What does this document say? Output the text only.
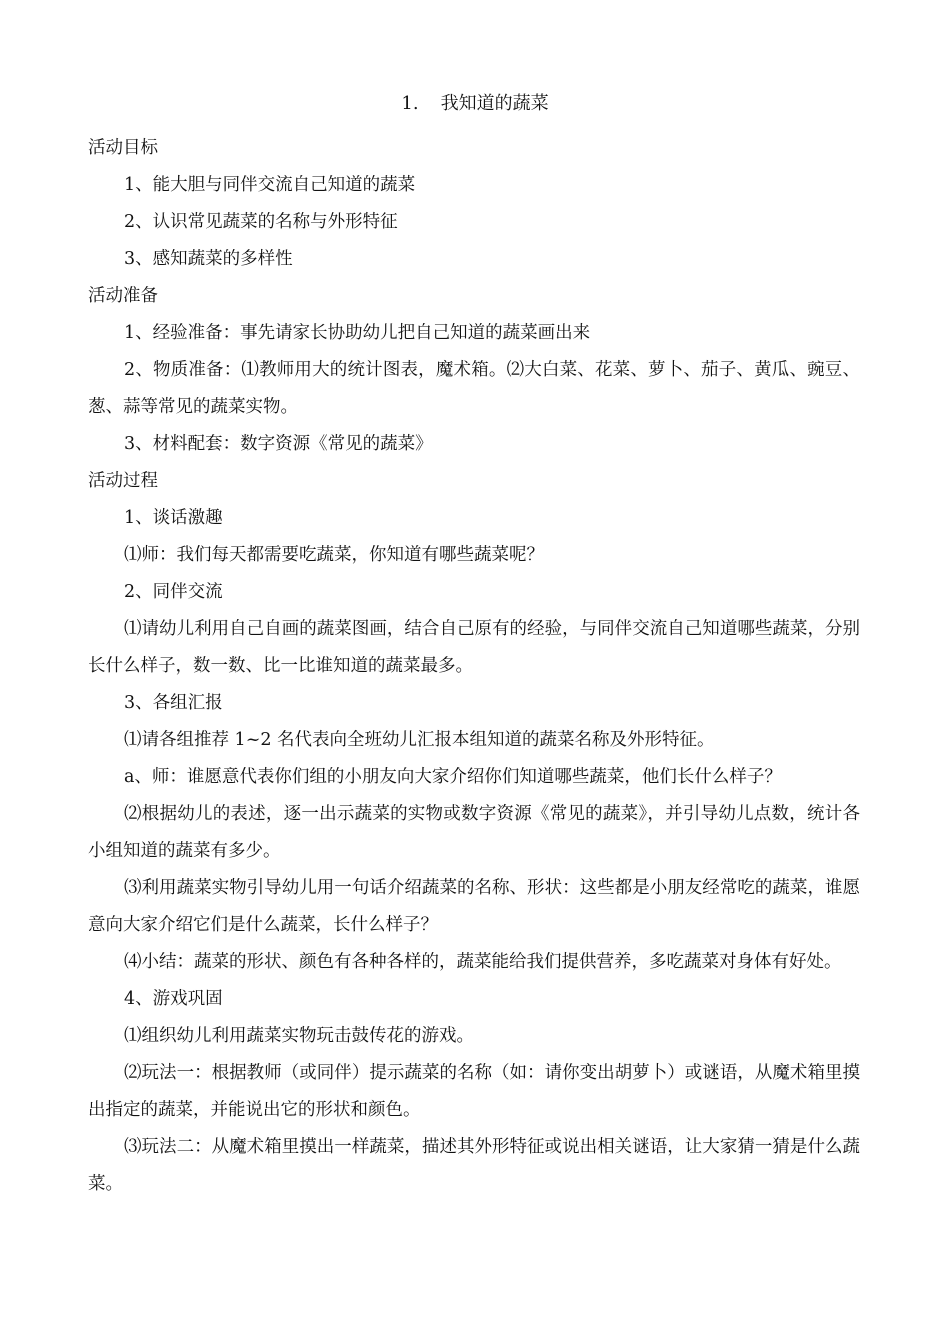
1. 我知道的蔬菜
活动目标
1、能大胆与同伴交流自己知道的蔬菜
2、认识常见蔬菜的名称与外形特征
3、感知蔬菜的多样性
活动准备
1、经验准备：事先请家长协助幼儿把自己知道的蔬菜画出来
2、物质准备：⑴教师用大的统计图表，魔术箱。⑵大白菜、花菜、萝卜、茄子、黄瓜、豌豆、葱、蒜等常见的蔬菜实物。
3、材料配套：数字资源《常见的蔬菜》
活动过程
1、谈话激趣
⑴师：我们每天都需要吃蔬菜，你知道有哪些蔬菜呢？
2、同伴交流
⑴请幼儿利用自己自画的蔬菜图画，结合自己原有的经验，与同伴交流自己知道哪些蔬菜，分别长什么样子，数一数、比一比谁知道的蔬菜最多。
3、各组汇报
⑴请各组推荐 1~2 名代表向全班幼儿汇报本组知道的蔬菜名称及外形特征。
a、师：谁愿意代表你们组的小朋友向大家介绍你们知道哪些蔬菜，他们长什么样子？
⑵根据幼儿的表述，逐一出示蔬菜的实物或数字资源《常见的蔬菜》，并引导幼儿点数，统计各小组知道的蔬菜有多少。
⑶利用蔬菜实物引导幼儿用一句话介绍蔬菜的名称、形状：这些都是小朋友经常吃的蔬菜，谁愿意向大家介绍它们是什么蔬菜，长什么样子？
⑷小结：蔬菜的形状、颜色有各种各样的，蔬菜能给我们提供营养，多吃蔬菜对身体有好处。
4、游戏巩固
⑴组织幼儿利用蔬菜实物玩击鼓传花的游戏。
⑵玩法一：根据教师（或同伴）提示蔬菜的名称（如：请你变出胡萝卜）或谜语，从魔术箱里摸出指定的蔬菜，并能说出它的形状和颜色。
⑶玩法二：从魔术箱里摸出一样蔬菜，描述其外形特征或说出相关谜语，让大家猜一猜是什么蔬菜。
